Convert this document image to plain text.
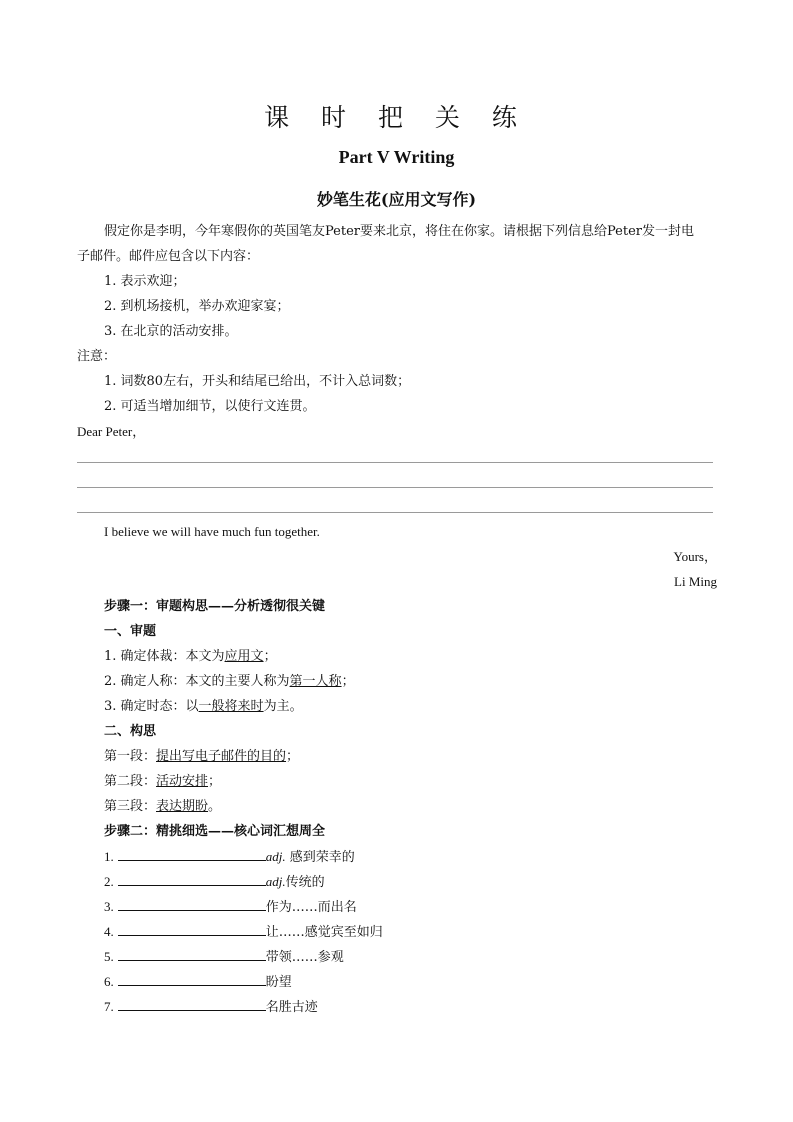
课 时 把 关 练
Part V Writing
妙笔生花(应用文写作)
假定你是李明，今年寒假你的英国笔友Peter要来北京，将住在你家。请根据下列信息给Peter发一封电
子邮件。邮件应包含以下内容：
1. 表示欢迎；
2. 到机场接机，举办欢迎家宴；
3. 在北京的活动安排。
注意：
1. 词数80左右，开头和结尾已给出，不计入总词数；
2. 可适当增加细节，以使行文连贯。
Dear Peter，
I believe we will have much fun together.
Yours，
Li Ming
步骤一：审题构思——分析透彻很关键
一、审题
1. 确定体裁：本文为应用文；
2. 确定人称：本文的主要人称为第一人称；
3. 确定时态：以一般将来时为主。
二、构思
第一段：提出写电子邮件的目的；
第二段：活动安排；
第三段：表达期盼。
步骤二：精挑细选——核心词汇想周全
1.	adj. 感到荣幸的
2.	adj.传统的
3.	作为……而出名
4.	让……感觉宾至如归
5.	带领……参观
6.	盼望
7.	名胜古迹
